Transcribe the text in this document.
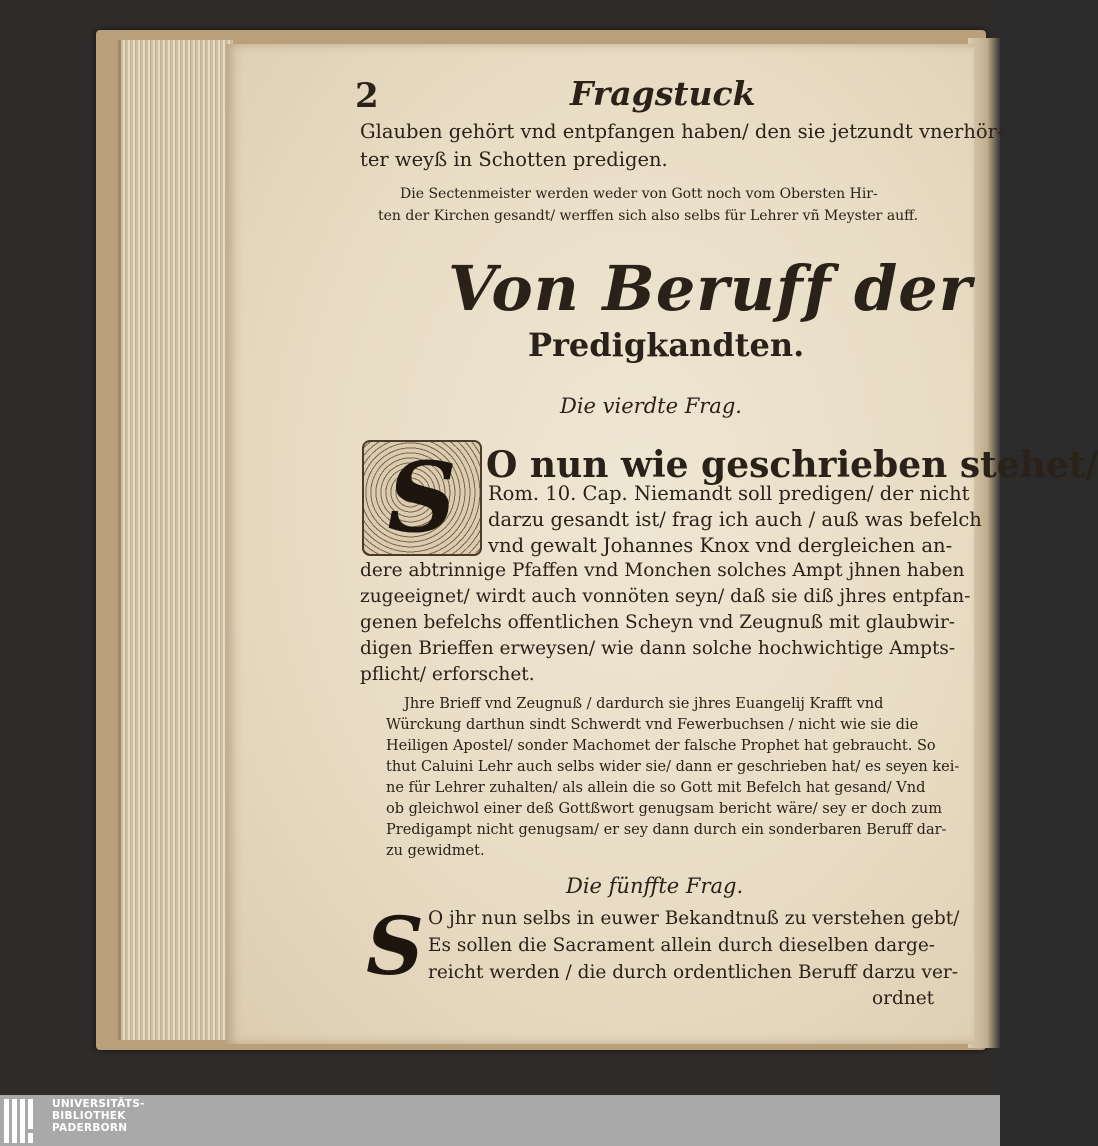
2	Fragstuck
Glauben gehört vnd entpfangen haben/ den sie jetzundt vnerhör-
ter weyß in Schotten predigen.
Die Sectenmeister werden weder von Gott noch vom Obersten Hir-
ten der Kirchen gesandt/ werffen sich also selbs für Lehrer vñ Meyster auff.
Von Beruff der
Predigkandten.
Die vierdte Frag.
S O nun wie geschrieben stehet/
Rom. 10. Cap. Niemandt soll predigen/ der nicht
darzu gesandt ist/ frag ich auch / auß was befelch
vnd gewalt Johannes Knox vnd dergleichen an-
dere abtrinnige Pfaffen vnd Monchen solches Ampt jhnen haben
zugeeignet/ wirdt auch vonnöten seyn/ daß sie diß jhres entpfan-
genen befelchs offentlichen Scheyn vnd Zeugnuß mit glaubwir-
digen Brieffen erweysen/ wie dann solche hochwichtige Ampts-
pflicht/ erforschet.
Jhre Brieff vnd Zeugnuß / dardurch sie jhres Euangelij Krafft vnd
Würckung darthun sindt Schwerdt vnd Fewerbuchsen / nicht wie sie die
Heiligen Apostel/ sonder Machomet der falsche Prophet hat gebraucht. So
thut Caluini Lehr auch selbs wider sie/ dann er geschrieben hat/ es seyen kei-
ne für Lehrer zuhalten/ als allein die so Gott mit Befelch hat gesand/ Vnd
ob gleichwol einer deß Gottßwort genugsam bericht wäre/ sey er doch zum
Predigampt nicht genugsam/ er sey dann durch ein sonderbaren Beruff dar-
zu gewidmet.
Die fünffte Frag.
S O jhr nun selbs in euwer Bekandtnuß zu verstehen gebt/
Es sollen die Sacrament allein durch dieselben darge-
reicht werden / die durch ordentlichen Beruff darzu ver-
ordnet
UNIVERSITÄTS-
BIBLIOTHEK
PADERBORN
